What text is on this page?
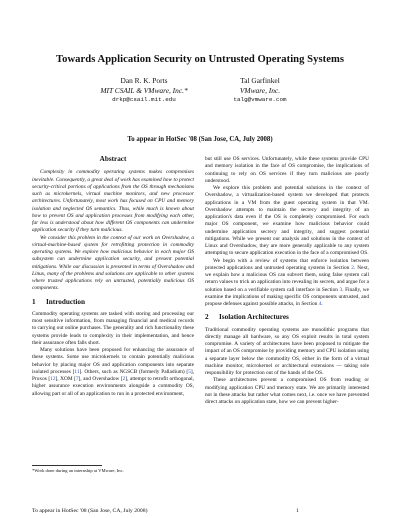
Towards Application Security on Untrusted Operating Systems
Dan R. K. Ports
MIT CSAIL & VMware, Inc.*
drkp@csail.mit.edu
Tal Garfinkel
VMware, Inc.
talg@vmware.com
To appear in HotSec '08 (San Jose, CA, July 2008)
Abstract

Complexity in commodity operating systems makes compromises inevitable. Consequently, a great deal of work has examined how to protect security-critical portions of applications from the OS through mechanisms such as microkernels, virtual machine monitors, and new processor architectures. Unfortunately, most work has focused on CPU and memory isolation and neglected OS semantics. Thus, while much is known about how to prevent OS and application processes from modifying each other, far less is understood about how different OS components can undermine application security if they turn malicious.

We consider this problem in the context of our work on Overshadow, a virtual-machine-based system for retrofitting protection in commodity operating systems. We explore how malicious behavior in each major OS subsystem can undermine application security, and present potential mitigations. While our discussion is presented in terms of Overshadow and Linux, many of the problems and solutions are applicable to other systems where trusted applications rely on untrusted, potentially malicious OS components.

1 Introduction

Commodity operating systems are tasked with storing and processing our most sensitive information, from managing financial and medical records to carrying out online purchases. The generality and rich functionality these systems provide leads to complexity in their implementation, and hence their assurance often falls short.

Many solutions have been proposed for enhancing the assurance of these systems. Some use microkernels to contain potentially malicious behavior by placing major OS and application components into separate isolated processes [11]. Others, such as NGSCB (formerly Palladium) [5], Proxos [12], XOM [7], and Overshadow [2], attempt to retrofit orthogonal, higher assurance execution environments alongside a commodity OS, allowing part or all of an application to run in a protected environment,

but still use OS services. Unfortunately, while these systems provide CPU and memory isolation in the face of OS compromise, the implications of continuing to rely on OS services if they turn malicious are poorly understood.

We explore this problem and potential solutions in the context of Overshadow, a virtualization-based system we developed that protects applications in a VM from the guest operating system in that VM. Overshadow attempts to maintain the secrecy and integrity of an application's data even if the OS is completely compromised. For each major OS component, we examine how malicious behavior could undermine application secrecy and integrity, and suggest potential mitigations. While we present our analysis and solutions in the context of Linux and Overshadow, they are more generally applicable to any system attempting to secure application execution in the face of a compromised OS.

We begin with a review of systems that enforce isolation between protected applications and untrusted operating systems in Section 2. Next, we explain how a malicious OS can subvert them, using false system call return values to trick an application into revealing its secrets, and argue for a solution based on a verifiable system call interface in Section 3. Finally, we examine the implications of making specific OS components untrusted, and propose defenses against possible attacks, in Section 4.

2 Isolation Architectures

Traditional commodity operating systems are monolithic programs that directly manage all hardware, so any OS exploit results in total system compromise. A variety of architectures have been proposed to mitigate the impact of an OS compromise by providing memory and CPU isolation using a separate layer below the commodity OS, either in the form of a virtual machine monitor, microkernel or architectural extensions — taking sole responsibility for protection out of the hands of the OS.

These architectures prevent a compromised OS from reading or modifying application CPU and memory state. We are primarily interested not in these attacks but rather what comes next, i.e. once we have prevented direct attacks on application state, how we can prevent higher-

*Work done during an internship at VMware, Inc.
To appear in HotSec '08 (San Jose, CA, July 2008)	1
